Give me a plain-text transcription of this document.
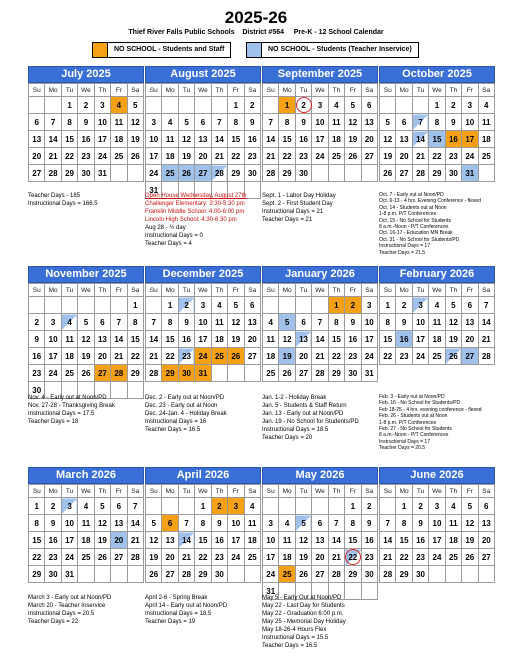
2025-26
Thief River Falls Public Schools District #564 Pre-K - 12 School Calendar
NO SCHOOL - Students and Staff	NO SCHOOL - Students (Teacher Inservice)
July 2025
Su	Mo	Tu	We	Th	Fr	Sa
		1	2	3	4	5
6	7	8	9	10	11	12
13	14	15	16	17	18	19
20	21	22	23	24	25	26
27	28	29	30	31		
Teacher Days - 185
Instructional Days = 166.5
August 2025
Su	Mo	Tu	We	Th	Fr	Sa
					1	2
3	4	5	6	7	8	9
10	11	12	13	14	15	16
17	18	19	20	21	22	23
24	25	26	27	28	29	30
31						
Open House Wednesday, August 27th
Challenger Elementary: 3:30-5:30 pm
Franklin Middle School: 4:00-6:00 pm
Lincoln High School: 4:30-6:30 pm
Aug 28 - ½ day
Instructional Days = 0
Teacher Days = 4
September 2025
Su	Mo	Tu	We	Th	Fr	Sa
	1	2	3	4	5	6
7	8	9	10	11	12	13
14	15	16	17	18	19	20
21	22	23	24	25	26	27
28	29	30				
Sept. 1 - Labor Day Holiday
Sept. 2 - First Student Day
Instructional Days = 21
Teacher Days = 21
October 2025
Su	Mo	Tu	We	Th	Fr	Sa
			1	2	3	4
5	6	7	8	9	10	11
12	13	14	15	16	17	18
19	20	21	22	23	24	25
26	27	28	29	30	31	
Oct. 7 - Early out at Noon/PD
Oct. 6-13 - 4 hrs. Evening Conference - flexed
Oct. 14 - Students out at Noon
1-8 p.m. P/T Conferences
Oct. 15 - No School for Students
8 a.m.-Noon - P/T Conferences
Oct. 16-17 - Education MN Break
Oct. 31 - No School for Students/PD
Instructional Days = 17
Teacher Days = 21.5
November 2025
Su	Mo	Tu	We	Th	Fr	Sa
						1
2	3	4	5	6	7	8
9	10	11	12	13	14	15
16	17	18	19	20	21	22
23	24	25	26	27	28	29
30						
Nov. 4 - Early out at Noon/PD
Nov. 27-28 - Thanksgiving Break
Instructional Days = 17.5
Teacher Days = 18
December 2025
Su	Mo	Tu	We	Th	Fr	Sa
	1	2	3	4	5	6
7	8	9	10	11	12	13
14	15	16	17	18	19	20
21	22	23	24	25	26	27
28	29	30	31			
Dec. 2 - Early out at Noon/PD
Dec. 23 - Early out at Noon
Dec. 24-Jan. 4 - Holiday Break
Instructional Days = 16
Teacher Days = 16.5
January 2026
Su	Mo	Tu	We	Th	Fr	Sa
				1	2	3
4	5	6	7	8	9	10
11	12	13	14	15	16	17
18	19	20	21	22	23	24
25	26	27	28	29	30	31
Jan. 1-2 - Holiday Break
Jan. 5 - Students & Staff Return
Jan. 13 - Early out at Noon/PD
Jan. 19 - No School for Students/PD
Instructional Days = 18.5
Teacher Days = 20
February 2026
Su	Mo	Tu	We	Th	Fr	Sa
1	2	3	4	5	6	7
8	9	10	11	12	13	14
15	16	17	18	19	20	21
22	23	24	25	26	27	28
Feb. 3 - Early out at Noon/PD
Feb. 16 - No School for Students/PD
Feb 18-25 - 4 hrs. evening conference - flexed
Feb. 26 - Students out at Noon
1-8 p.m. P/T Conferences
Feb. 27 - No School for Students
8 a.m.-Noon - P/T Conferences
Instructional Days = 17
Teacher Days = 20.5
March 2026
Su	Mo	Tu	We	Th	Fr	Sa
1	2	3	4	5	6	7
8	9	10	11	12	13	14
15	16	17	18	19	20	21
22	23	24	25	26	27	28
29	30	31				
March 3 - Early out at Noon/PD
March 20 - Teacher Inservice
Instructional Days = 20.5
Teacher Days = 22
April 2026
Su	Mo	Tu	We	Th	Fr	Sa
			1	2	3	4
5	6	7	8	9	10	11
12	13	14	15	16	17	18
19	20	21	22	23	24	25
26	27	28	29	30		
April 2-6 - Spring Break
April 14 - Early out at Noon/PD
Instructional Days = 18.5
Teacher Days = 19
May 2026
Su	Mo	Tu	We	Th	Fr	Sa
					1	2
3	4	5	6	7	8	9
10	11	12	13	14	15	16
17	18	19	20	21	22	23
24	25	26	27	28	29	30
31						
May 5 - Early Out at Noon/PD
May 22 - Last Day for Students
May 22 - Graduation 6:00 p.m.
May 25 - Memorial Day Holiday
May 18-26-4 Hours Flex
Instructional Days = 15.5
Teacher Days = 16.5
June 2026
Su	Mo	Tu	We	Th	Fr	Sa
	1	2	3	4	5	6
7	8	9	10	11	12	13
14	15	16	17	18	19	20
21	22	23	24	25	26	27
28	29	30				
